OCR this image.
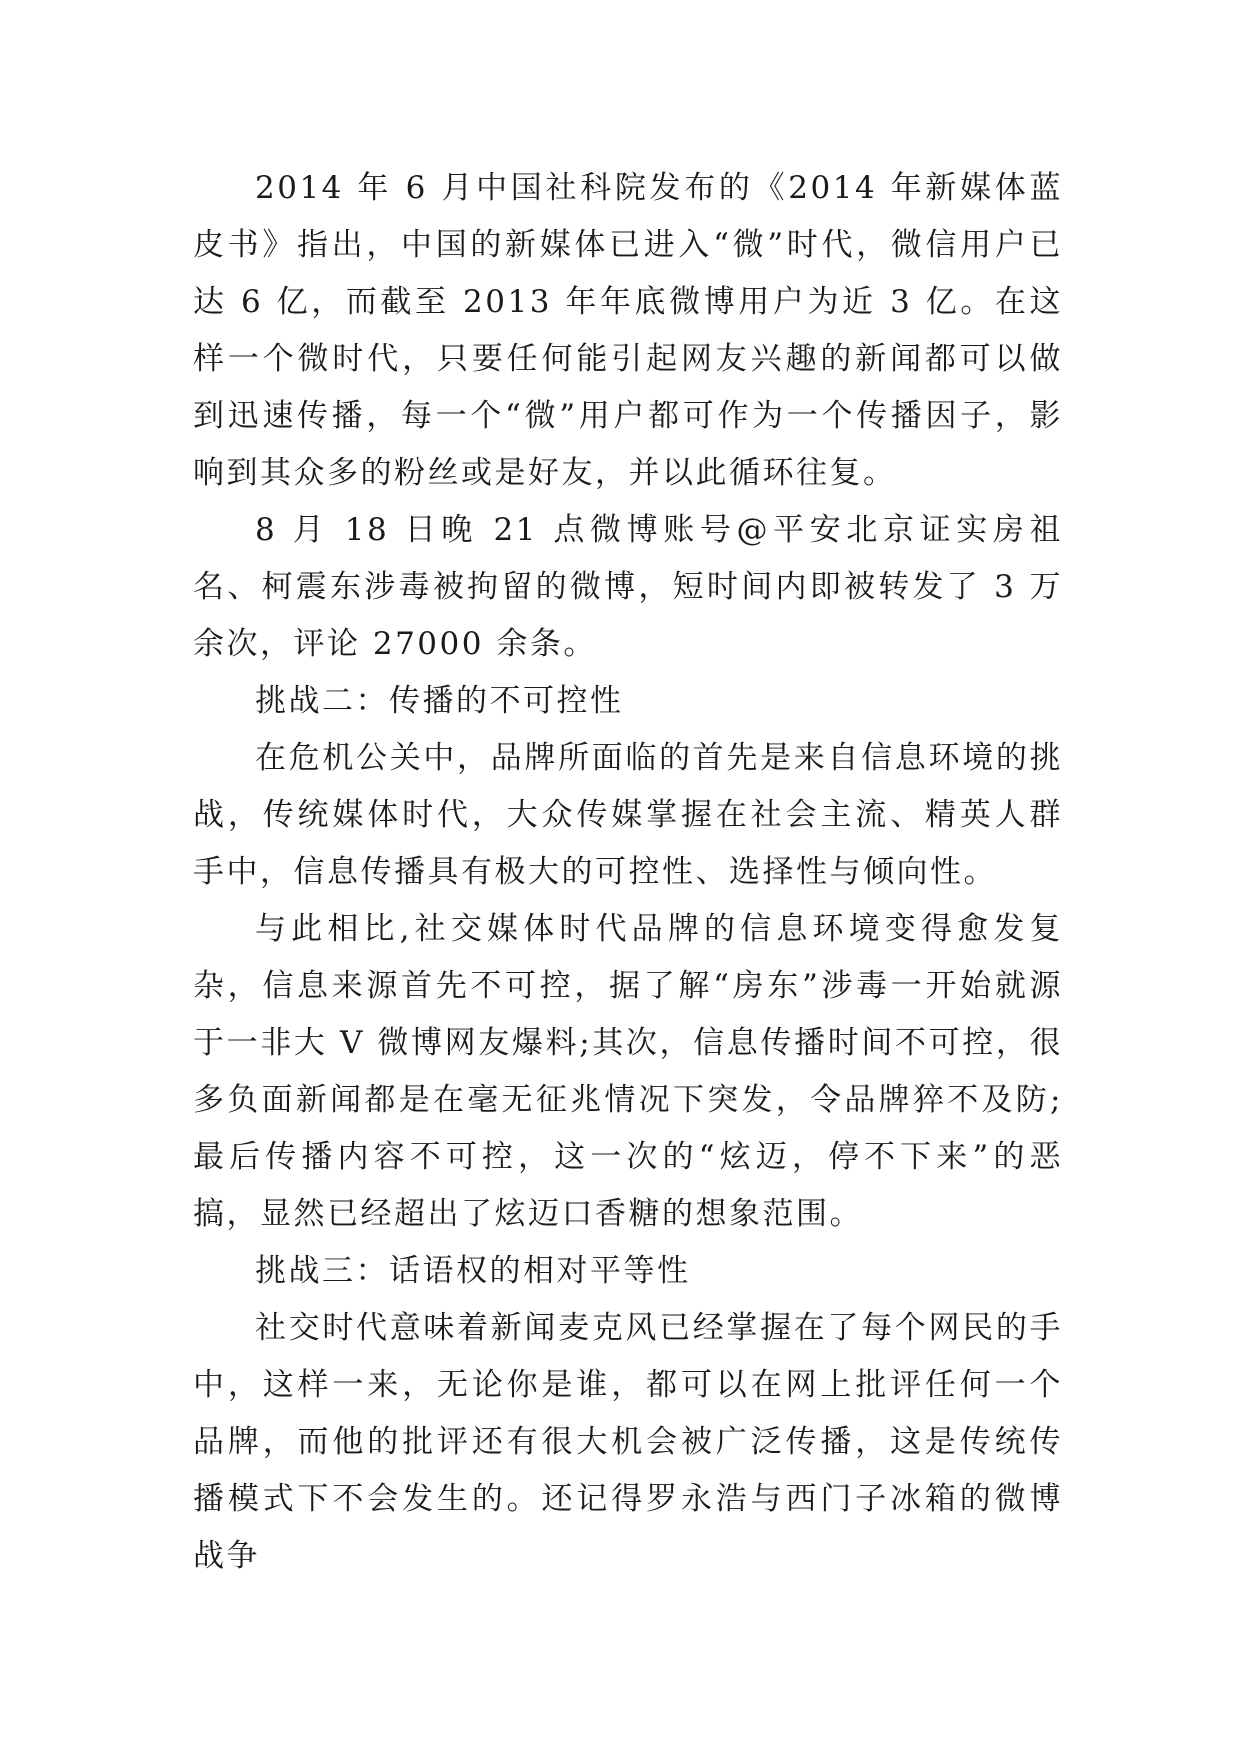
2014 年 6 月中国社科院发布的《2014 年新媒体蓝皮书》指出，中国的新媒体已进入“微”时代，微信用户已达 6 亿，而截至 2013 年年底微博用户为近 3 亿。在这样一个微时代，只要任何能引起网友兴趣的新闻都可以做到迅速传播，每一个“微”用户都可作为一个传播因子，影响到其众多的粉丝或是好友，并以此循环往复。

8 月 18 日晚 21 点微博账号@平安北京证实房祖名、柯震东涉毒被拘留的微博，短时间内即被转发了 3 万余次，评论 27000 余条。

挑战二：传播的不可控性

在危机公关中，品牌所面临的首先是来自信息环境的挑战，传统媒体时代，大众传媒掌握在社会主流、精英人群手中，信息传播具有极大的可控性、选择性与倾向性。

与此相比,社交媒体时代品牌的信息环境变得愈发复杂，信息来源首先不可控，据了解“房东”涉毒一开始就源于一非大 V 微博网友爆料;其次，信息传播时间不可控，很多负面新闻都是在毫无征兆情况下突发，令品牌猝不及防;最后传播内容不可控，这一次的“炫迈，停不下来”的恶搞，显然已经超出了炫迈口香糖的想象范围。

挑战三：话语权的相对平等性

社交时代意味着新闻麦克风已经掌握在了每个网民的手中，这样一来，无论你是谁，都可以在网上批评任何一个品牌，而他的批评还有很大机会被广泛传播，这是传统传播模式下不会发生的。还记得罗永浩与西门子冰箱的微博战争
